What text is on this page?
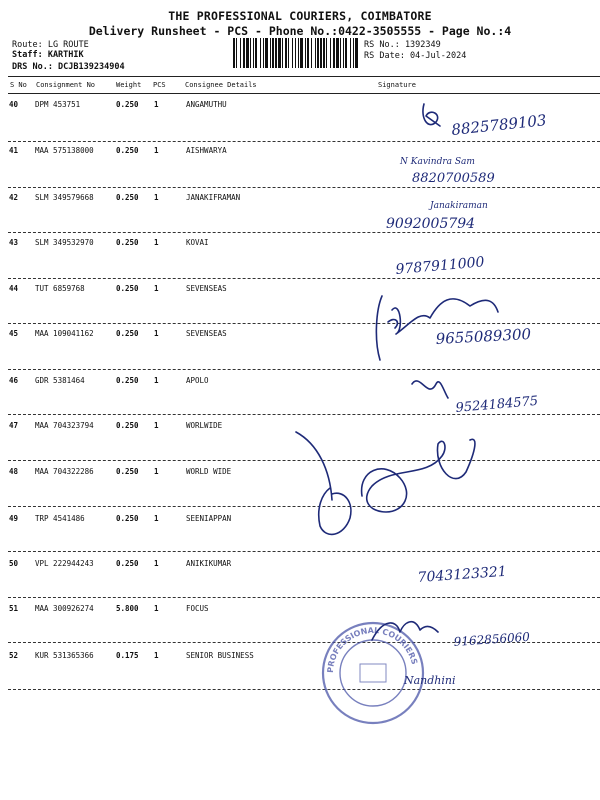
THE PROFESSIONAL COURIERS, COIMBATORE
Delivery Runsheet - PCS - Phone No.:0422-3505555 - Page No.:4
Route: LG ROUTE
Staff: KARTHIK
DRS No.: DCJB139234904
RS No.: 1392349
RS Date: 04-Jul-2024
S No Consignment No	Weight PCS	Consignee Details	Signature
40 DPM 453751	0.250 1	ANGAMUTHU
41 MAA 575138000	0.250 1	AISHWARYA
42 SLM 349579668	0.250 1	JANAKIFRAMAN
43 SLM 349532970	0.250 1	KOVAI
44 TUT 6859768	0.250 1	SEVENSEAS
45 MAA 109041162	0.250 1	SEVENSEAS
46 GDR 5381464	0.250 1	APOLO
47 MAA 704323794	0.250 1	WORLWIDE
48 MAA 704322286	0.250 1	WORLD WIDE
49 TRP 4541486	0.250 1	SEENIAPPAN
50 VPL 222944243	0.250 1	ANIKIKUMAR
51 MAA 300926274	5.800 1	FOCUS
52 KUR 531365366	0.175 1	SENIOR BUSINESS
PROFESSIONAL COURIERS
8825789103
N Kavindra Sam
8820700589
Janakiraman
9092005794
9787911000
9655089300
9524184575
7043123321
9162856060
Nandhini
